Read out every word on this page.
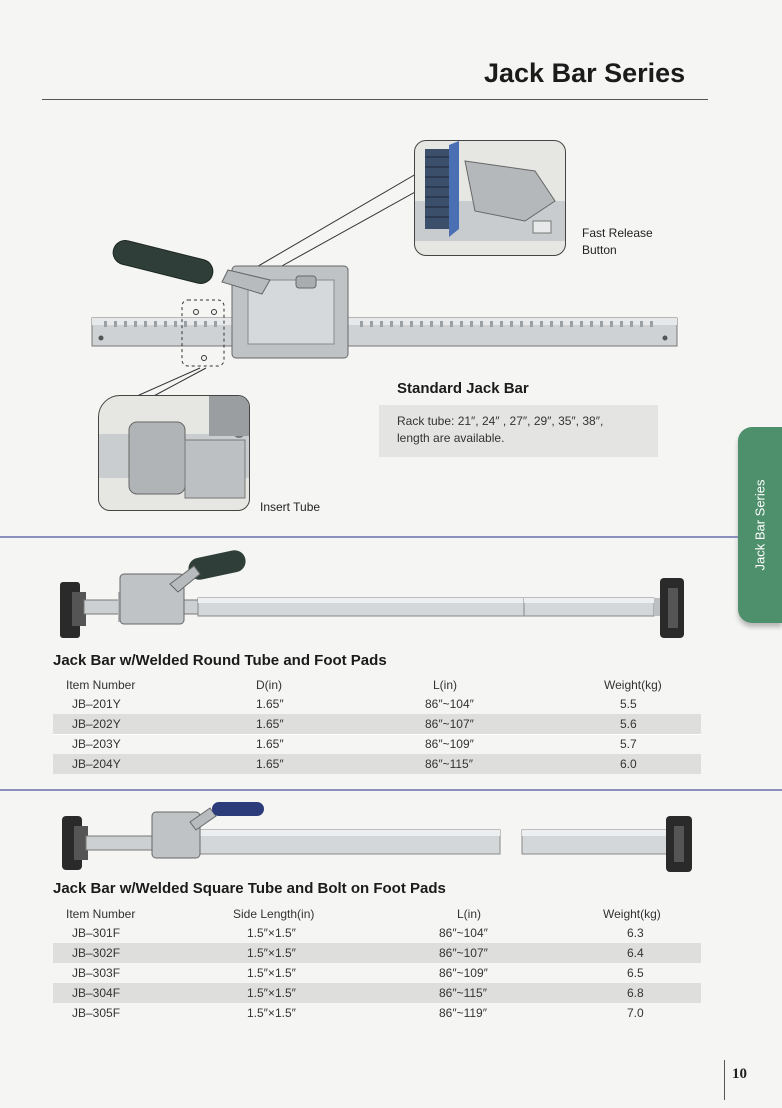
Jack Bar Series
Jack Bar Series
Fast Release
Button
Insert Tube
Standard Jack Bar
Rack tube: 21″, 24″ , 27″, 29″, 35″, 38″,
length are available.
Jack Bar w/Welded Round Tube and Foot Pads
Item Number	D(in)	L(in)	Weight(kg)
JB–201Y	1.65″	86″~104″	5.5
JB–202Y	1.65″	86″~107″	5.6
JB–203Y	1.65″	86″~109″	5.7
JB–204Y	1.65″	86″~115″	6.0
Jack Bar w/Welded Square Tube and Bolt on Foot Pads
Item Number	Side Length(in)	L(in)	Weight(kg)
JB–301F	1.5″×1.5″	86″~104″	6.3
JB–302F	1.5″×1.5″	86″~107″	6.4
JB–303F	1.5″×1.5″	86″~109″	6.5
JB–304F	1.5″×1.5″	86″~115″	6.8
JB–305F	1.5″×1.5″	86″~119″	7.0
10
